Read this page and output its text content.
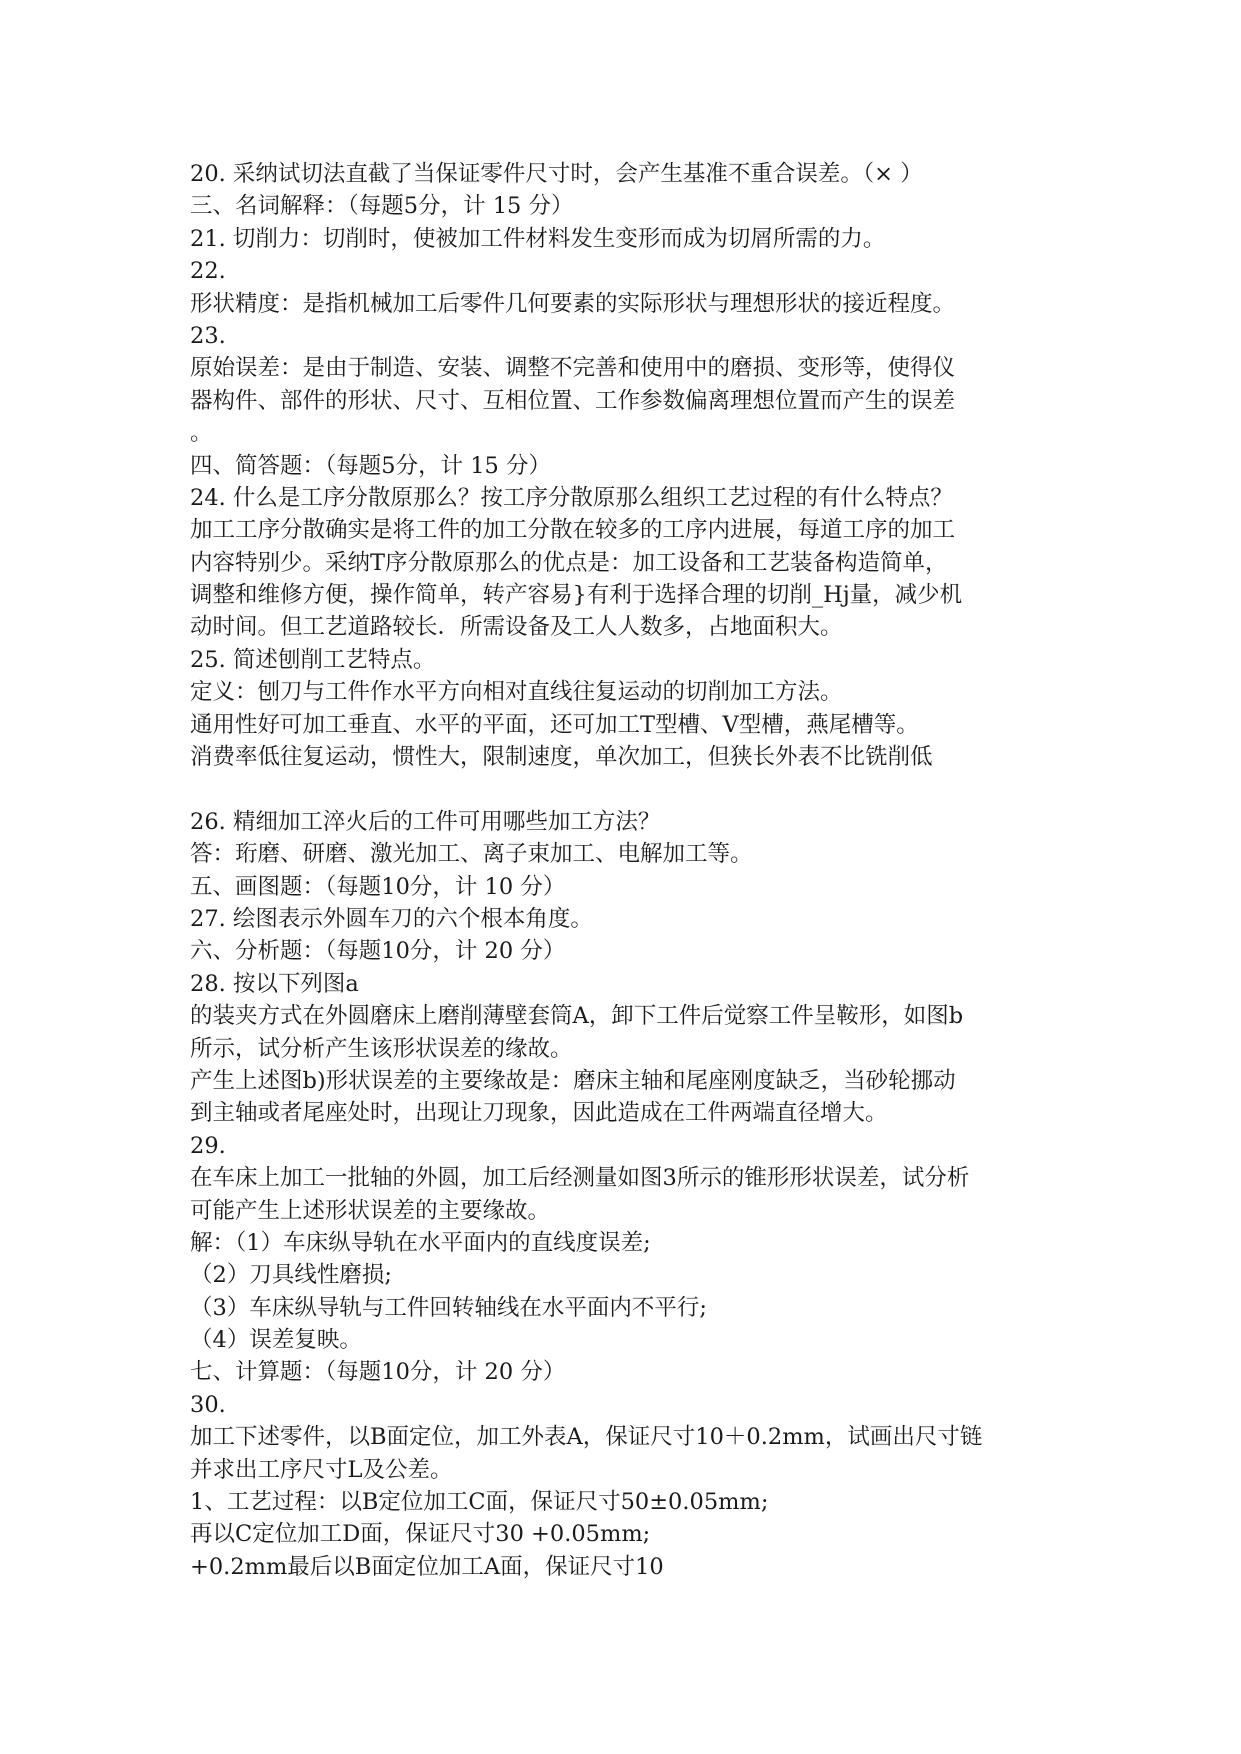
20. 采纳试切法直截了当保证零件尺寸时，会产生基准不重合误差。（× ）
三、名词解释：（每题5分，计 15 分）
21. 切削力：切削时，使被加工件材料发生变形而成为切屑所需的力。
22.
形状精度：是指机械加工后零件几何要素的实际形状与理想形状的接近程度。
23.
原始误差：是由于制造、安装、调整不完善和使用中的磨损、变形等，使得仪
器构件、部件的形状、尺寸、互相位置、工作参数偏离理想位置而产生的误差
。
四、简答题：（每题5分，计 15 分）
24. 什么是工序分散原那么？按工序分散原那么组织工艺过程的有什么特点？
加工工序分散确实是将工件的加工分散在较多的工序内进展，每道工序的加工
内容特别少。采纳T序分散原那么的优点是：加工设备和工艺装备构造简单，
调整和维修方便，操作简单，转产容易}有利于选择合理的切削_Hj量，减少机
动时间。但工艺道路较长．所需设备及工人人数多，占地面积大。
25. 简述刨削工艺特点。
定义：刨刀与工件作水平方向相对直线往复运动的切削加工方法。
通用性好可加工垂直、水平的平面，还可加工T型槽、V型槽，燕尾槽等。
消费率低往复运动，惯性大，限制速度，单次加工，但狭长外表不比铣削低
26. 精细加工淬火后的工件可用哪些加工方法？
答：珩磨、研磨、激光加工、离子束加工、电解加工等。
五、画图题：（每题10分，计 10 分）
27. 绘图表示外圆车刀的六个根本角度。
六、分析题：（每题10分，计 20 分）
28. 按以下列图a
的装夹方式在外圆磨床上磨削薄壁套筒A，卸下工件后觉察工件呈鞍形，如图b
所示，试分析产生该形状误差的缘故。
产生上述图b)形状误差的主要缘故是：磨床主轴和尾座刚度缺乏，当砂轮挪动
到主轴或者尾座处时，出现让刀现象，因此造成在工件两端直径增大。
29.
在车床上加工一批轴的外圆，加工后经测量如图3所示的锥形形状误差，试分析
可能产生上述形状误差的主要缘故。
解：（1）车床纵导轨在水平面内的直线度误差;
（2）刀具线性磨损;
（3）车床纵导轨与工件回转轴线在水平面内不平行;
（4）误差复映。
七、计算题：（每题10分，计 20 分）
30.
加工下述零件，以B面定位，加工外表A，保证尺寸10＋0.2mm，试画出尺寸链
并求出工序尺寸L及公差。
1、工艺过程：以B定位加工C面，保证尺寸50±0.05mm;
再以C定位加工D面，保证尺寸30 +0.05mm;
+0.2mm最后以B面定位加工A面，保证尺寸10
